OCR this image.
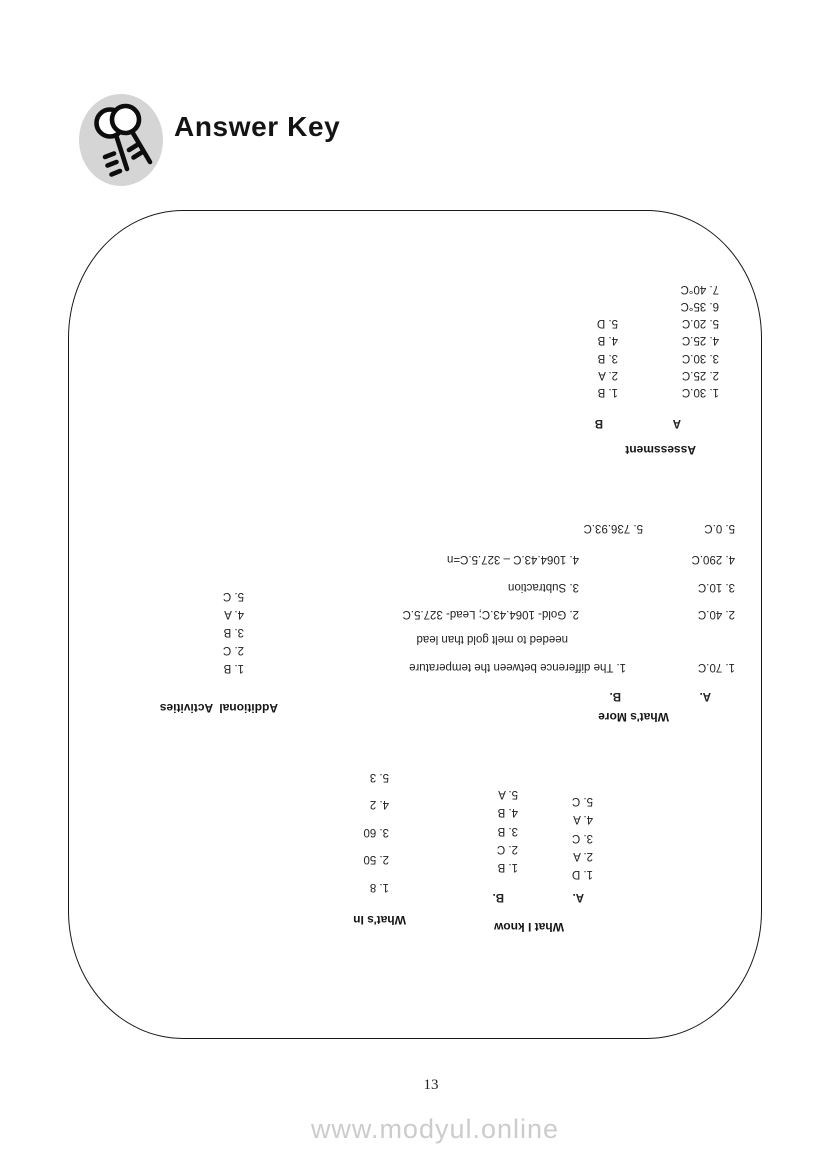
Answer Key
What I know
A.
B.
1. D
2. A
3. C
4. A
5. C
1. B
2. C
3. B
4. B
5. A
What's In
1. 8
2. 50
3. 60
4. 2
5. 3
What's More
A.
B.
1. 70.C
2. 40.C
3. 10.C
4. 290.C
5. 0.C
1. The difference between the temperature
needed to melt gold than lead
2. Gold- 1064.43.C; Lead- 327.5.C
3. Subtraction
4. 1064.43.C – 327.5.C=n
5. 736.93.C
Additional  Activities
1. B
2. C
3. B
4. A
5. C
Assessment
A
B
1. 30.C
2. 25.C
3. 30.C
4. 25.C
5. 20.C
6. 35°C
7. 40°C
1. B
2. A
3. B
4. B
5. D
13
www.modyul.online
